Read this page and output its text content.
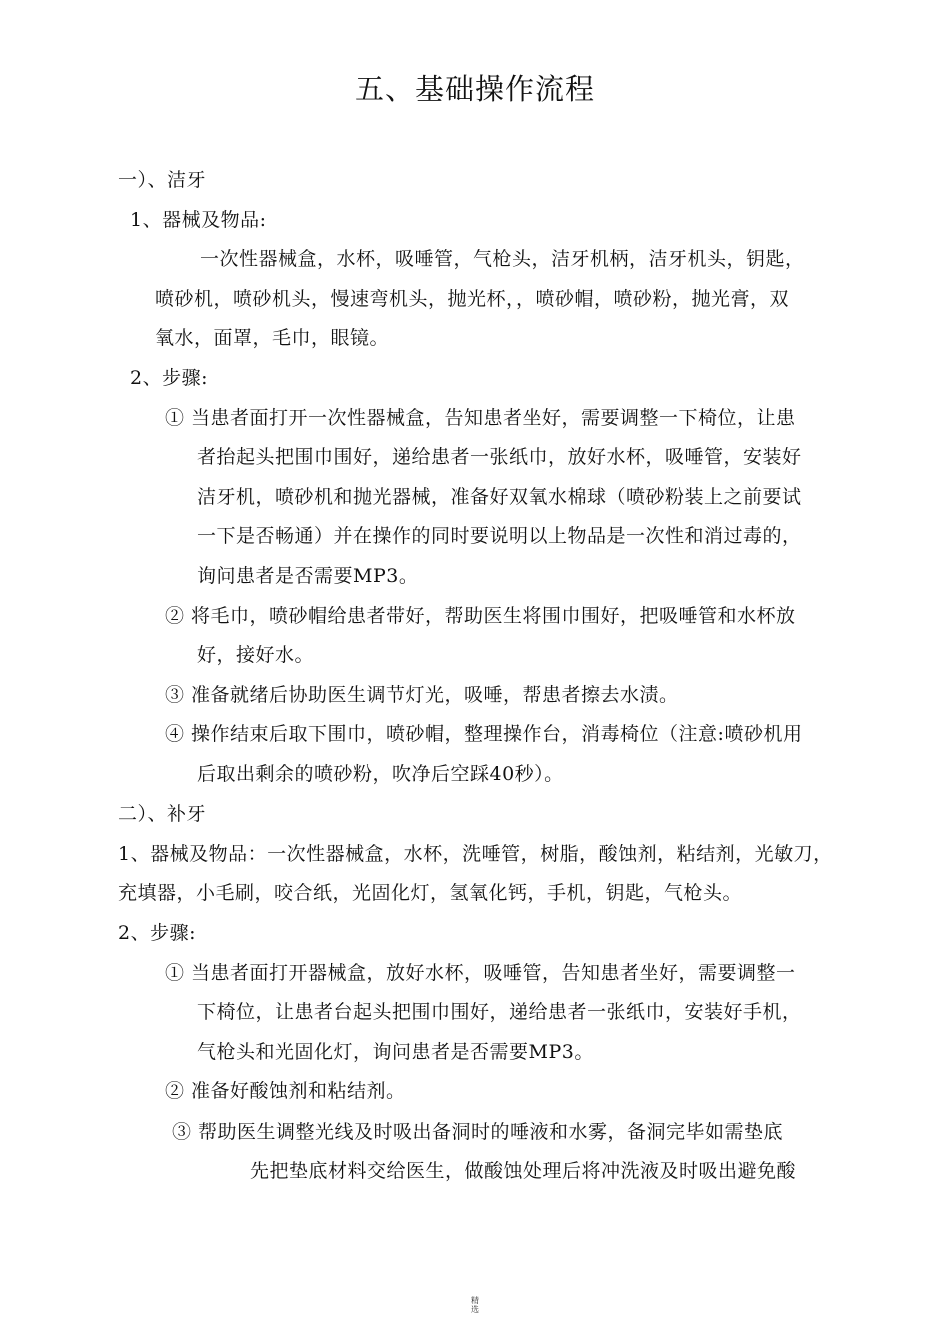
五、基础操作流程
一）、洁牙
1、器械及物品:
一次性器械盒，水杯，吸唾管，气枪头，洁牙机柄，洁牙机头，钥匙，
喷砂机，喷砂机头，慢速弯机头，抛光杯，，喷砂帽，喷砂粉，抛光膏，双
氧水，面罩，毛巾，眼镜。
2、步骤:
① 当患者面打开一次性器械盒，告知患者坐好，需要调整一下椅位，让患
者抬起头把围巾围好，递给患者一张纸巾，放好水杯，吸唾管，安装好
洁牙机，喷砂机和抛光器械，准备好双氧水棉球（喷砂粉装上之前要试
一下是否畅通）并在操作的同时要说明以上物品是一次性和消过毒的，
询问患者是否需要MP3。
② 将毛巾，喷砂帽给患者带好，帮助医生将围巾围好，把吸唾管和水杯放
好，接好水。
③ 准备就绪后协助医生调节灯光，吸唾，帮患者擦去水渍。
④ 操作结束后取下围巾，喷砂帽，整理操作台，消毒椅位（注意:喷砂机用
后取出剩余的喷砂粉，吹净后空踩40秒）。
二）、补牙
1、器械及物品：一次性器械盒，水杯，洗唾管，树脂，酸蚀剂，粘结剂，光敏刀，
充填器，小毛刷，咬合纸，光固化灯，氢氧化钙，手机，钥匙，气枪头。
2、步骤:
① 当患者面打开器械盒，放好水杯，吸唾管，告知患者坐好，需要调整一
下椅位，让患者台起头把围巾围好，递给患者一张纸巾，安装好手机，
气枪头和光固化灯，询问患者是否需要MP3。
② 准备好酸蚀剂和粘结剂。
③ 帮助医生调整光线及时吸出备洞时的唾液和水雾，备洞完毕如需垫底
先把垫底材料交给医生，做酸蚀处理后将冲洗液及时吸出避免酸
精
选
